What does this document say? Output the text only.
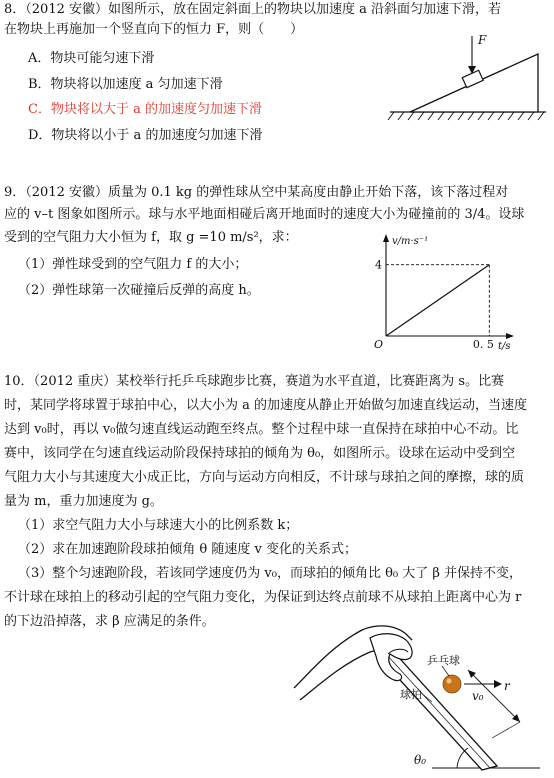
8．（2012 安徽）如图所示，放在固定斜面上的物块以加速度 a 沿斜面匀加速下滑，若
在物块上再施加一个竖直向下的恒力 F，则（　　）
A．物块可能匀速下滑
B．物块将以加速度 a 匀加速下滑
C．物块将以大于 a 的加速度匀加速下滑
D．物块将以小于 a 的加速度匀加速下滑
F
9．（2012 安徽）质量为 0.1 kg 的弹性球从空中某高度由静止开始下落，该下落过程对
应的 v–t 图象如图所示。球与水平地面相碰后离开地面时的速度大小为碰撞前的 3/4。设球
受到的空气阻力大小恒为 f，取 g =10 m/s²，求：
（1）弹性球受到的空气阻力 f 的大小；
（2）弹性球第一次碰撞后反弹的高度 h。
4
0. 5
O
v/m·s⁻¹
t/s
10．（2012 重庆）某校举行托乒乓球跑步比赛，赛道为水平直道，比赛距离为 s。比赛
时，某同学将球置于球拍中心，以大小为 a 的加速度从静止开始做匀加速直线运动，当速度
达到 v₀时，再以 v₀做匀速直线运动跑至终点。整个过程中球一直保持在球拍中心不动。比
赛中，该同学在匀速直线运动阶段保持球拍的倾角为 θ₀，如图所示。设球在运动中受到空
气阻力大小与其速度大小成正比，方向与运动方向相反，不计球与球拍之间的摩擦，球的质
量为 m，重力加速度为 g。
（1）求空气阻力大小与球速大小的比例系数 k；
（2）求在加速跑阶段球拍倾角 θ 随速度 v 变化的关系式；
（3）整个匀速跑阶段，若该同学速度仍为 v₀，而球拍的倾角比 θ₀ 大了 β 并保持不变，
不计球在球拍上的移动引起的空气阻力变化，为保证到达终点前球不从球拍上距离中心为 r
的下边沿掉落，求 β 应满足的条件。
v₀
r
乒乓球
球拍
θ₀
